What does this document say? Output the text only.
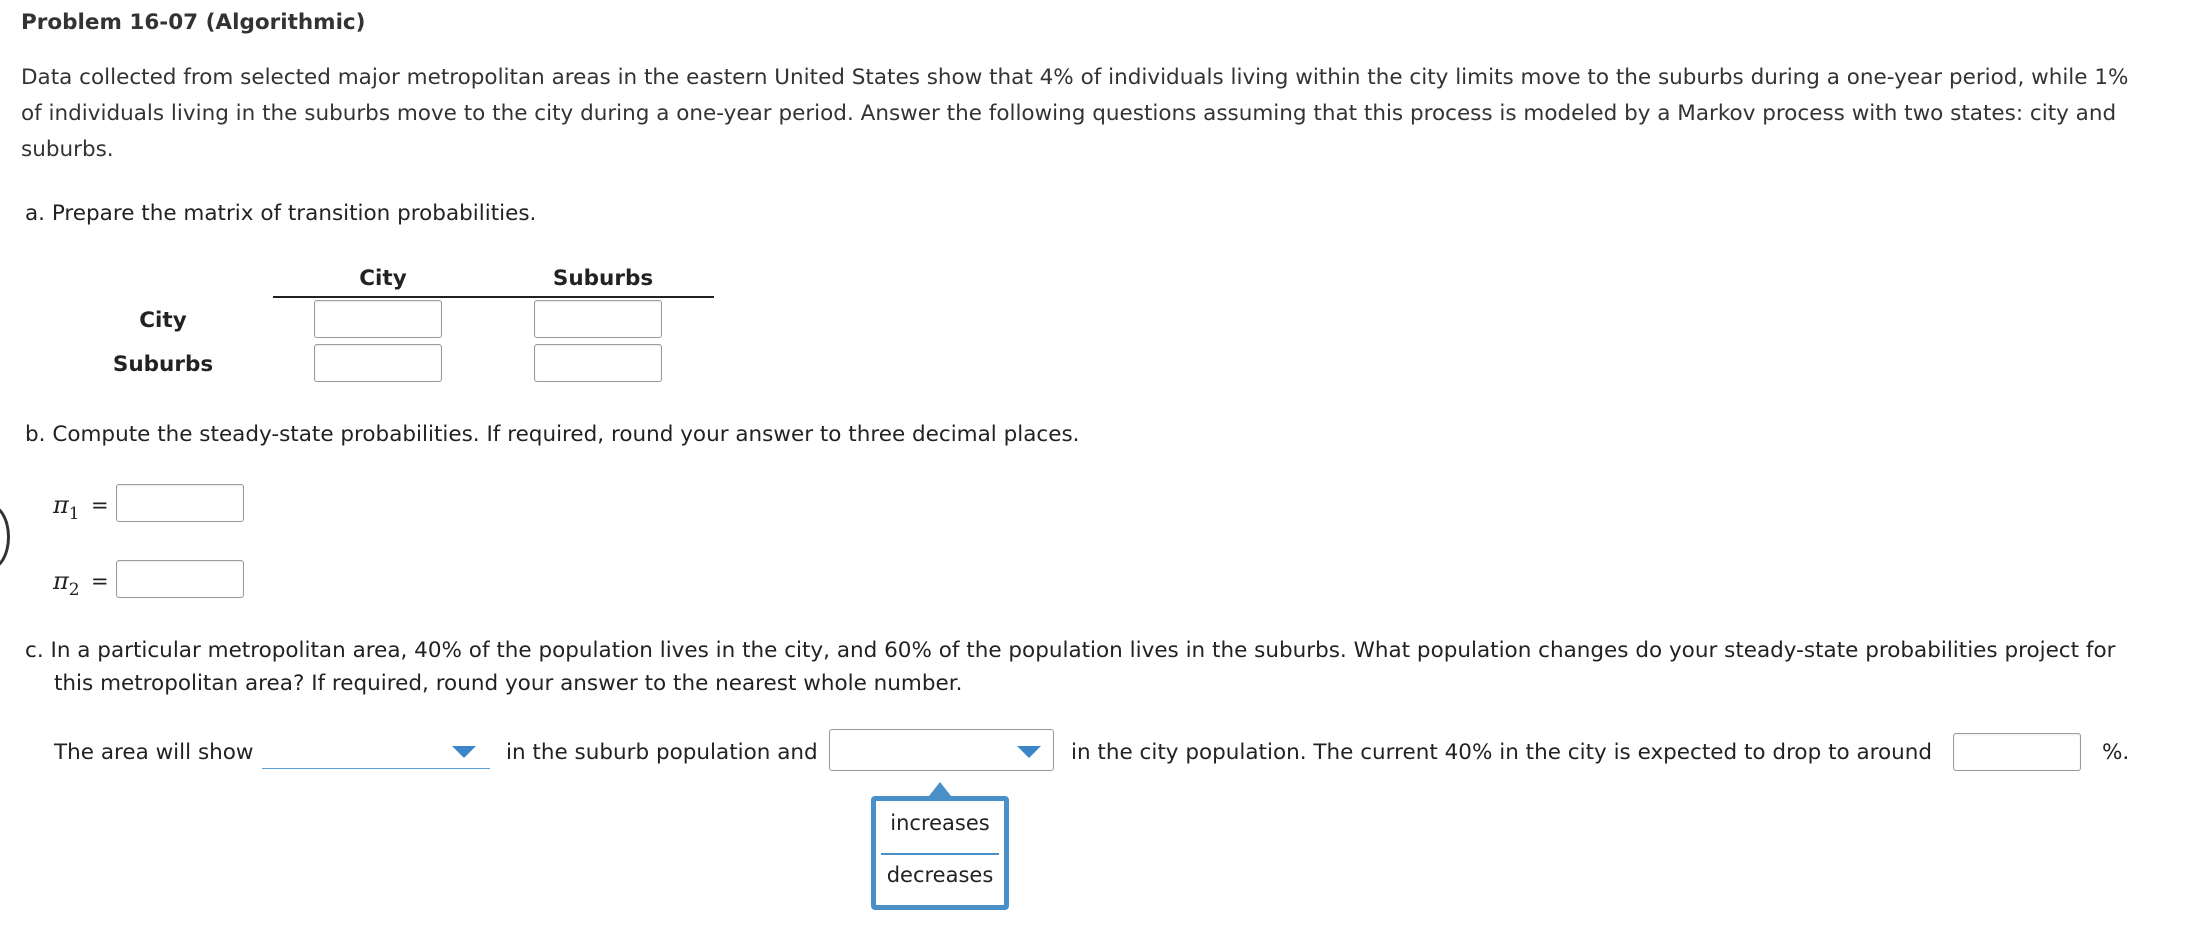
Problem 16-07 (Algorithmic)
Data collected from selected major metropolitan areas in the eastern United States show that 4% of individuals living within the city limits move to the suburbs during a one-year period, while 1%
of individuals living in the suburbs move to the city during a one-year period. Answer the following questions assuming that this process is modeled by a Markov process with two states: city and
suburbs.
a. Prepare the matrix of transition probabilities.
City	Suburbs
City
Suburbs
b. Compute the steady-state probabilities. If required, round your answer to three decimal places.
$\pi_1$ =
$\pi_2$ =
c. In a particular metropolitan area, 40% of the population lives in the city, and 60% of the population lives in the suburbs. What population changes do your steady-state probabilities project for
this metropolitan area? If required, round your answer to the nearest whole number.
The area will show	in the suburb population and	in the city population. The current 40% in the city is expected to drop to around	%.
increases
decreases
